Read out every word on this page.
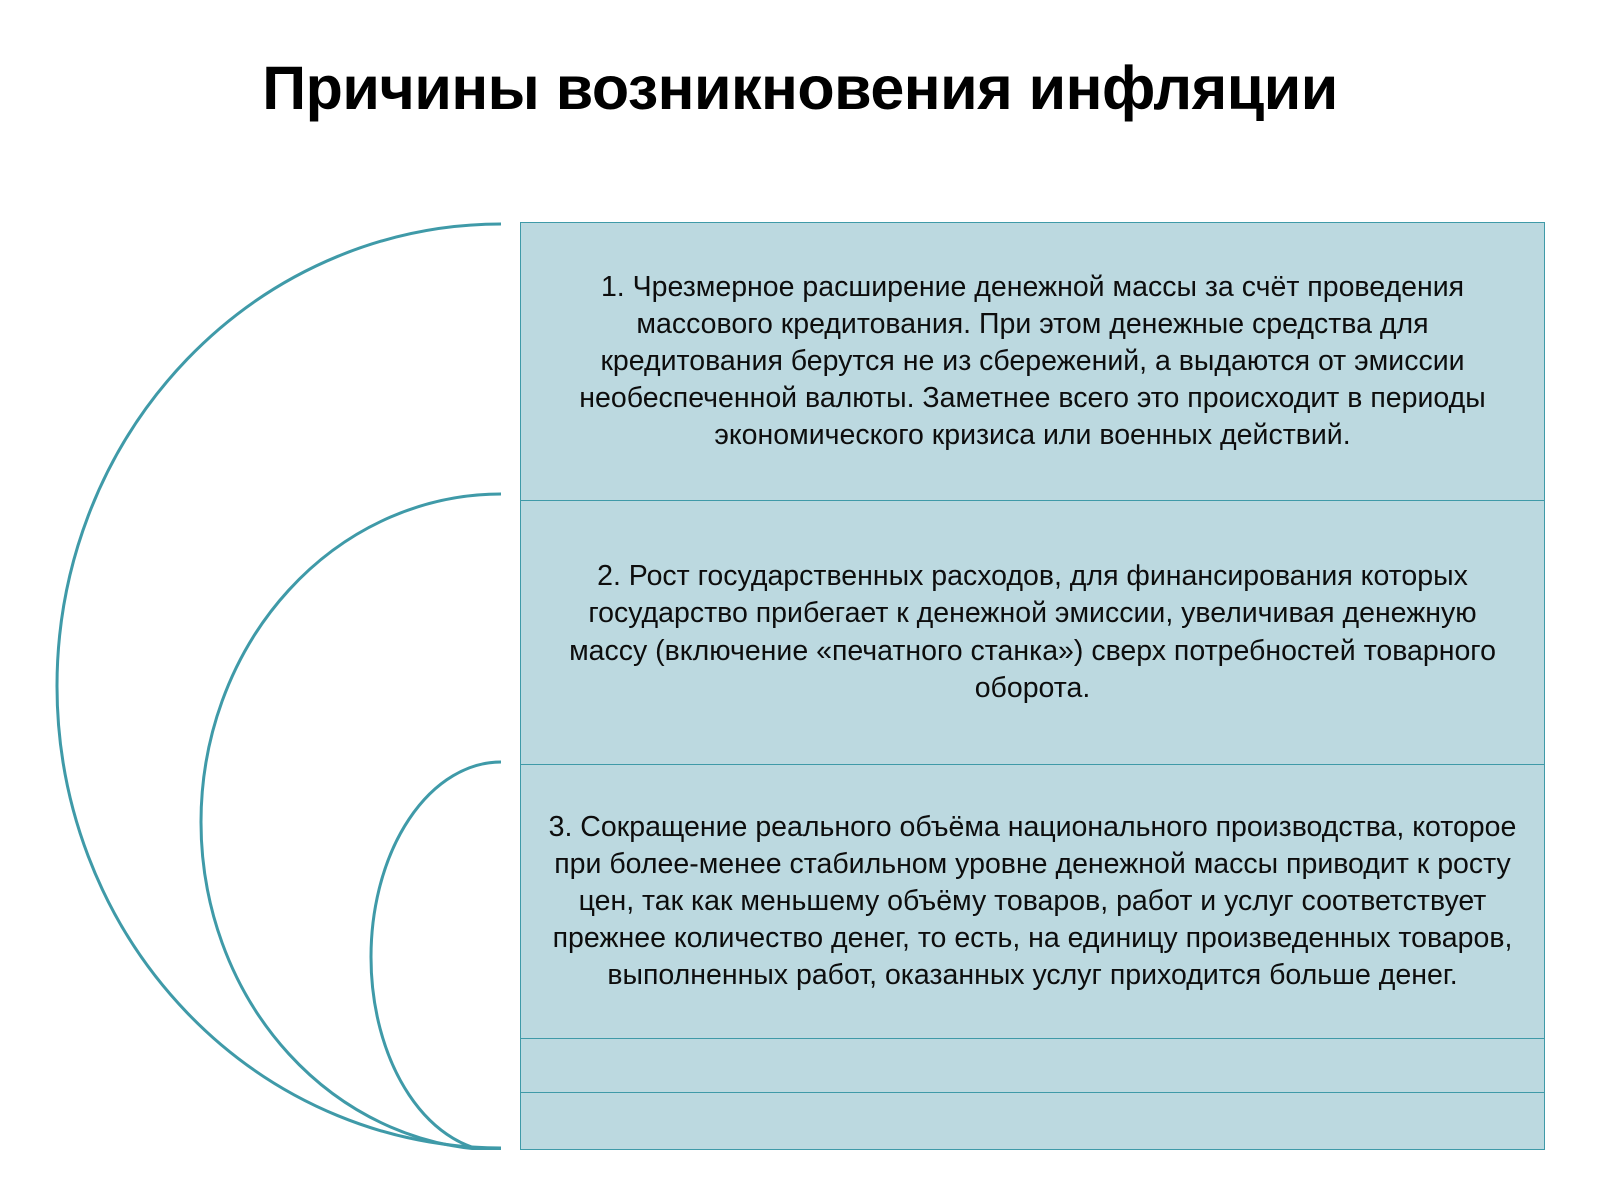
Причины возникновения инфляции
1. Чрезмерное расширение денежной массы за счёт проведения массового кредитования. При этом денежные средства для кредитования берутся не из сбережений, а выдаются от эмиссии необеспеченной валюты. Заметнее всего это происходит в периоды экономического кризиса или военных действий.
2. Рост государственных расходов, для финансирования которых государство прибегает к денежной эмиссии, увеличивая денежную массу (включение «печатного станка») сверх потребностей товарного оборота.
3. Сокращение реального объёма национального производства, которое при более-менее стабильном уровне денежной массы приводит к росту цен, так как меньшему объёму товаров, работ и услуг соответствует прежнее количество денег, то есть, на единицу произведенных товаров, выполненных работ, оказанных услуг приходится больше денег.
